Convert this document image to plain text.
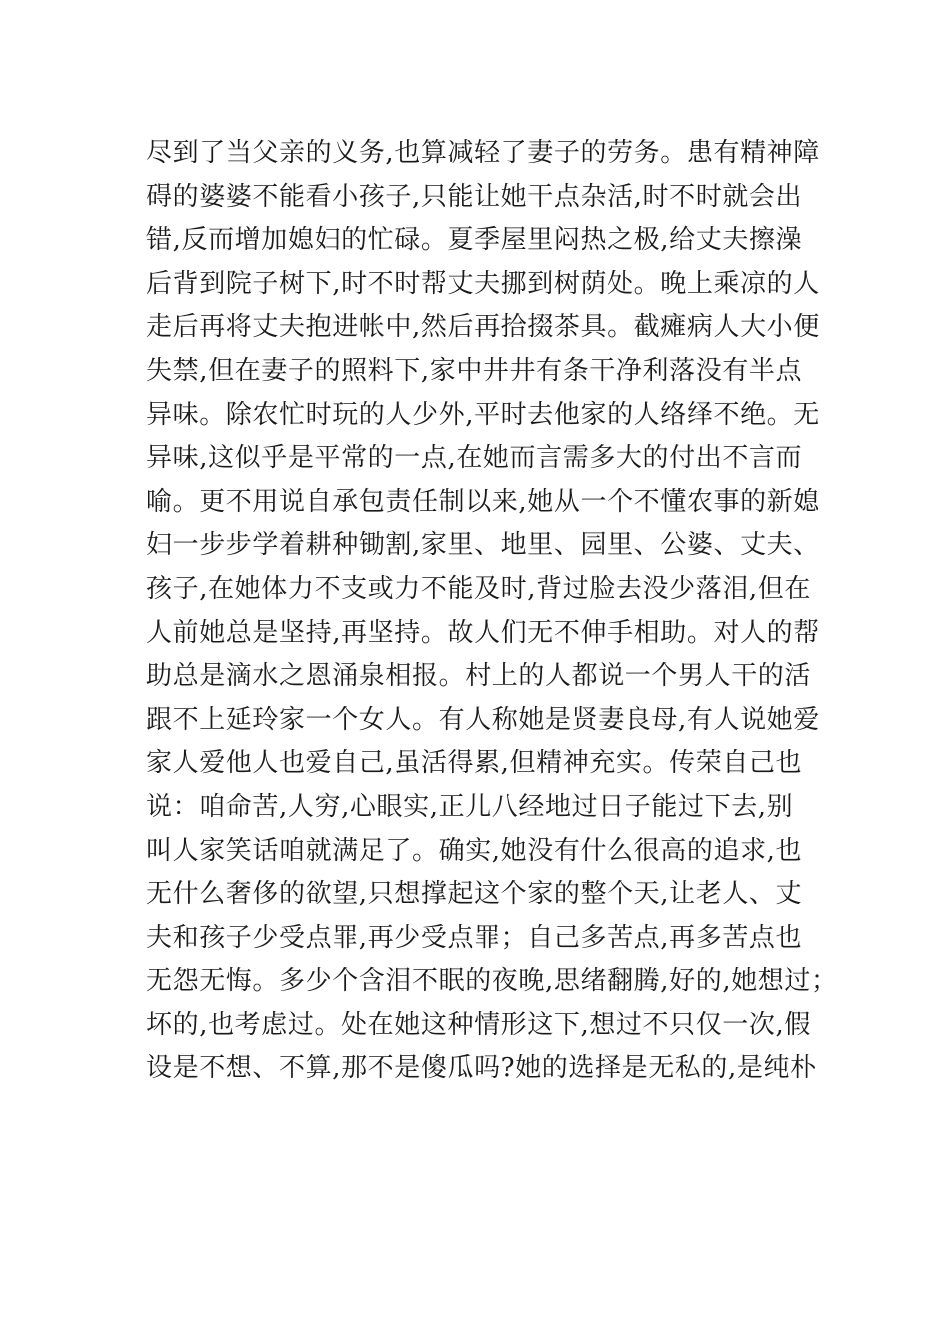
尽到了当父亲的义务,也算减轻了妻子的劳务。患有精神障
碍的婆婆不能看小孩子,只能让她干点杂活,时不时就会出
错,反而增加媳妇的忙碌。夏季屋里闷热之极,给丈夫擦澡
后背到院子树下,时不时帮丈夫挪到树荫处。晚上乘凉的人
走后再将丈夫抱进帐中,然后再拾掇茶具。截瘫病人大小便
失禁,但在妻子的照料下,家中井井有条干净利落没有半点
异味。除农忙时玩的人少外,平时去他家的人络绎不绝。无
异味,这似乎是平常的一点,在她而言需多大的付出不言而
喻。更不用说自承包责任制以来,她从一个不懂农事的新媳
妇一步步学着耕种锄割,家里、地里、园里、公婆、丈夫、
孩子,在她体力不支或力不能及时,背过脸去没少落泪,但在
人前她总是坚持,再坚持。故人们无不伸手相助。对人的帮
助总是滴水之恩涌泉相报。村上的人都说一个男人干的活
跟不上延玲家一个女人。有人称她是贤妻良母,有人说她爱
家人爱他人也爱自己,虽活得累,但精神充实。传荣自己也
说：咱命苦,人穷,心眼实,正儿八经地过日子能过下去,别
叫人家笑话咱就满足了。确实,她没有什么很高的追求,也
无什么奢侈的欲望,只想撑起这个家的整个天,让老人、丈
夫和孩子少受点罪,再少受点罪；自己多苦点,再多苦点也
无怨无悔。多少个含泪不眠的夜晚,思绪翻腾,好的,她想过；
坏的,也考虑过。处在她这种情形这下,想过不只仅一次,假
设是不想、不算,那不是傻瓜吗?她的选择是无私的,是纯朴
